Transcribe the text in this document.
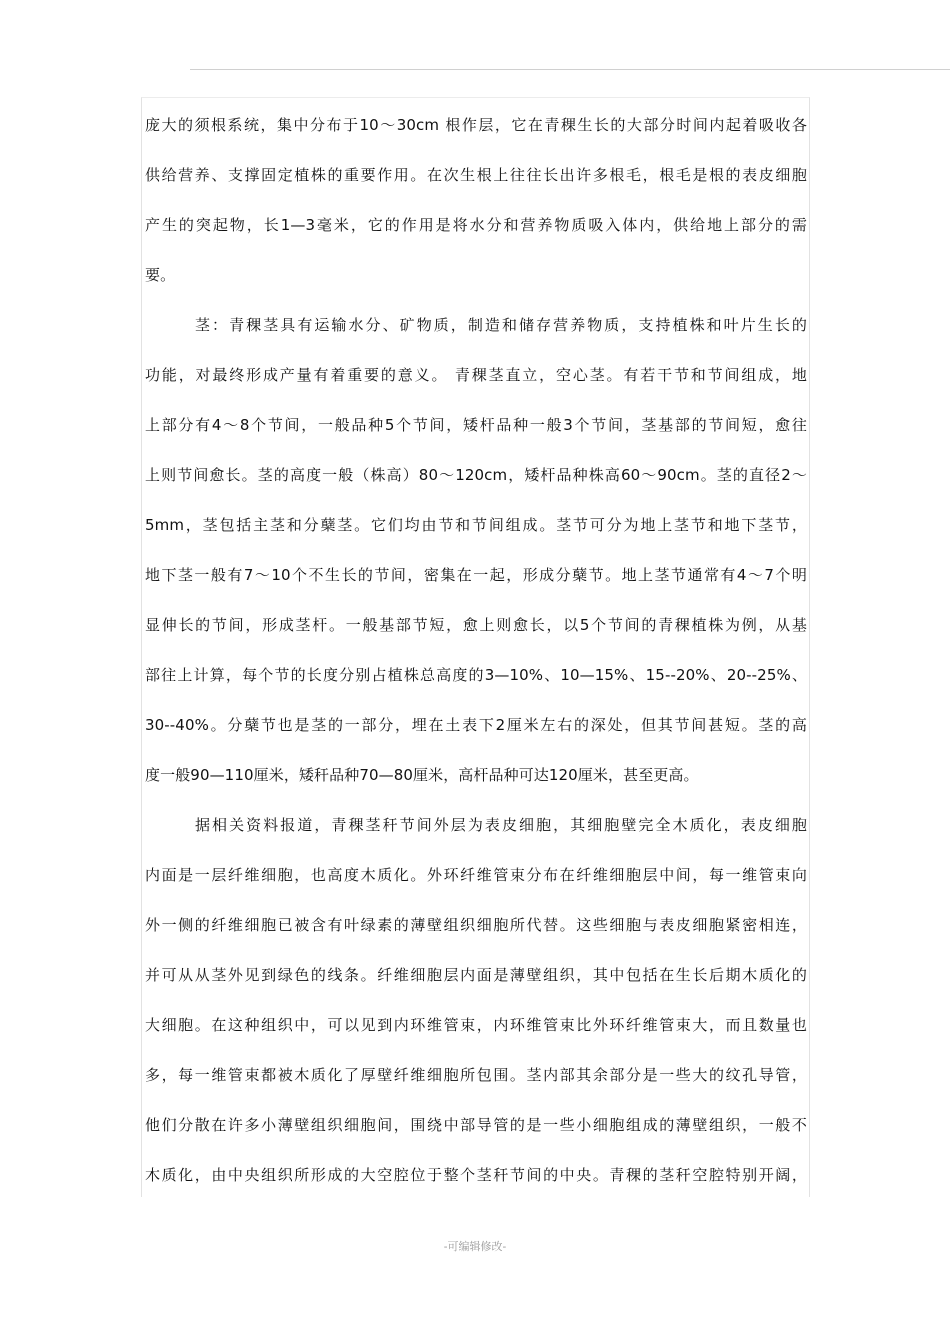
庞大的须根系统，集中分布于10～30cm 根作层，它在青稞生长的大部分时间内起着吸收各
供给营养、支撑固定植株的重要作用。在次生根上往往长出许多根毛，根毛是根的表皮细胞
产生的突起物，长1—3毫米，它的作用是将水分和营养物质吸入体内，供给地上部分的需
要。
茎：青稞茎具有运输水分、矿物质，制造和储存营养物质，支持植株和叶片生长的
功能，对最终形成产量有着重要的意义。 青稞茎直立，空心茎。有若干节和节间组成，地
上部分有4～8个节间，一般品种5个节间，矮杆品种一般3个节间，茎基部的节间短，愈往
上则节间愈长。茎的高度一般（株高）80～120cm，矮杆品种株高60～90cm。茎的直径2～
5mm，茎包括主茎和分蘖茎。它们均由节和节间组成。茎节可分为地上茎节和地下茎节，
地下茎一般有7～10个不生长的节间，密集在一起，形成分蘖节。地上茎节通常有4～7个明
显伸长的节间，形成茎杆。一般基部节短，愈上则愈长，以5个节间的青稞植株为例，从基
部往上计算，每个节的长度分别占植株总高度的3—10%、10—15%、15--20%、20--25%、
30--40%。分蘖节也是茎的一部分，埋在土表下2厘米左右的深处，但其节间甚短。茎的高
度一般90—110厘米，矮秆品种70—80厘米，高杆品种可达120厘米，甚至更高。
据相关资料报道，青稞茎秆节间外层为表皮细胞，其细胞壁完全木质化，表皮细胞
内面是一层纤维细胞，也高度木质化。外环纤维管束分布在纤维细胞层中间，每一维管束向
外一侧的纤维细胞已被含有叶绿素的薄壁组织细胞所代替。这些细胞与表皮细胞紧密相连，
并可从从茎外见到绿色的线条。纤维细胞层内面是薄壁组织，其中包括在生长后期木质化的
大细胞。在这种组织中，可以见到内环维管束，内环维管束比外环纤维管束大，而且数量也
多，每一维管束都被木质化了厚壁纤维细胞所包围。茎内部其余部分是一些大的纹孔导管，
他们分散在许多小薄壁组织细胞间，围绕中部导管的是一些小细胞组成的薄壁组织，一般不
木质化，由中央组织所形成的大空腔位于整个茎秆节间的中央。青稞的茎秆空腔特别开阔，
-可编辑修改-
